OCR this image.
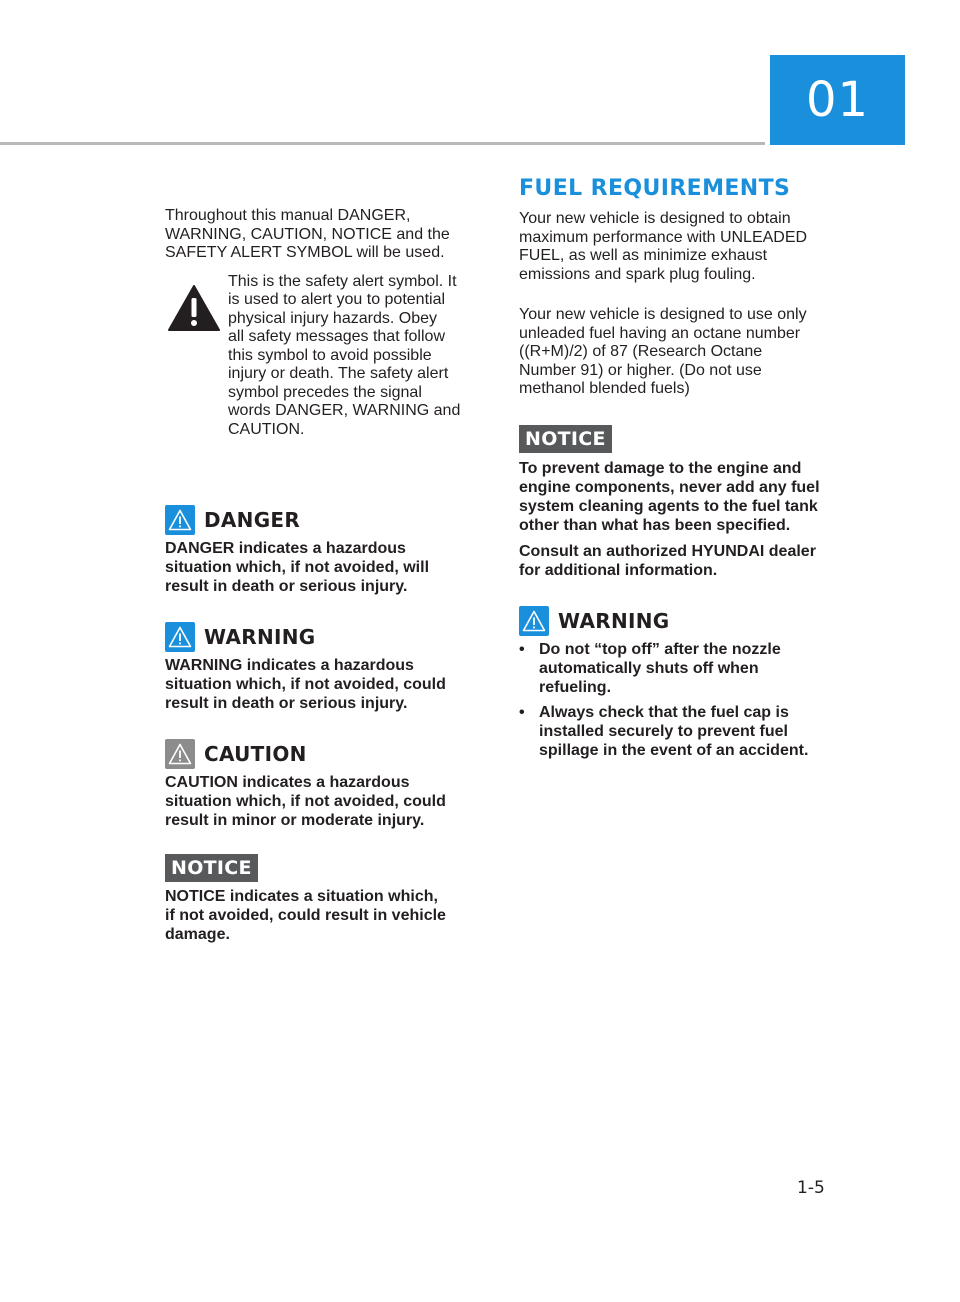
01
Throughout this manual DANGER,
WARNING, CAUTION, NOTICE and the
SAFETY ALERT SYMBOL will be used.
This is the safety alert symbol. It
is used to alert you to potential
physical injury hazards. Obey
all safety messages that follow
this symbol to avoid possible
injury or death. The safety alert
symbol precedes the signal
words DANGER, WARNING and
CAUTION.
DANGER
DANGER indicates a hazardous
situation which, if not avoided, will
result in death or serious injury.
WARNING
WARNING indicates a hazardous
situation which, if not avoided, could
result in death or serious injury.
CAUTION
CAUTION indicates a hazardous
situation which, if not avoided, could
result in minor or moderate injury.
NOTICE
NOTICE indicates a situation which,
if not avoided, could result in vehicle
damage.
FUEL REQUIREMENTS
Your new vehicle is designed to obtain
maximum performance with UNLEADED
FUEL, as well as minimize exhaust
emissions and spark plug fouling.
Your new vehicle is designed to use only
unleaded fuel having an octane number
((R+M)/2) of 87 (Research Octane
Number 91) or higher. (Do not use
methanol blended fuels)
NOTICE
To prevent damage to the engine and
engine components, never add any fuel
system cleaning agents to the fuel tank
other than what has been specified.
Consult an authorized HYUNDAI dealer
for additional information.
WARNING
• Do not “top off” after the nozzle
automatically shuts off when
refueling.
• Always check that the fuel cap is
installed securely to prevent fuel
spillage in the event of an accident.
1-5
